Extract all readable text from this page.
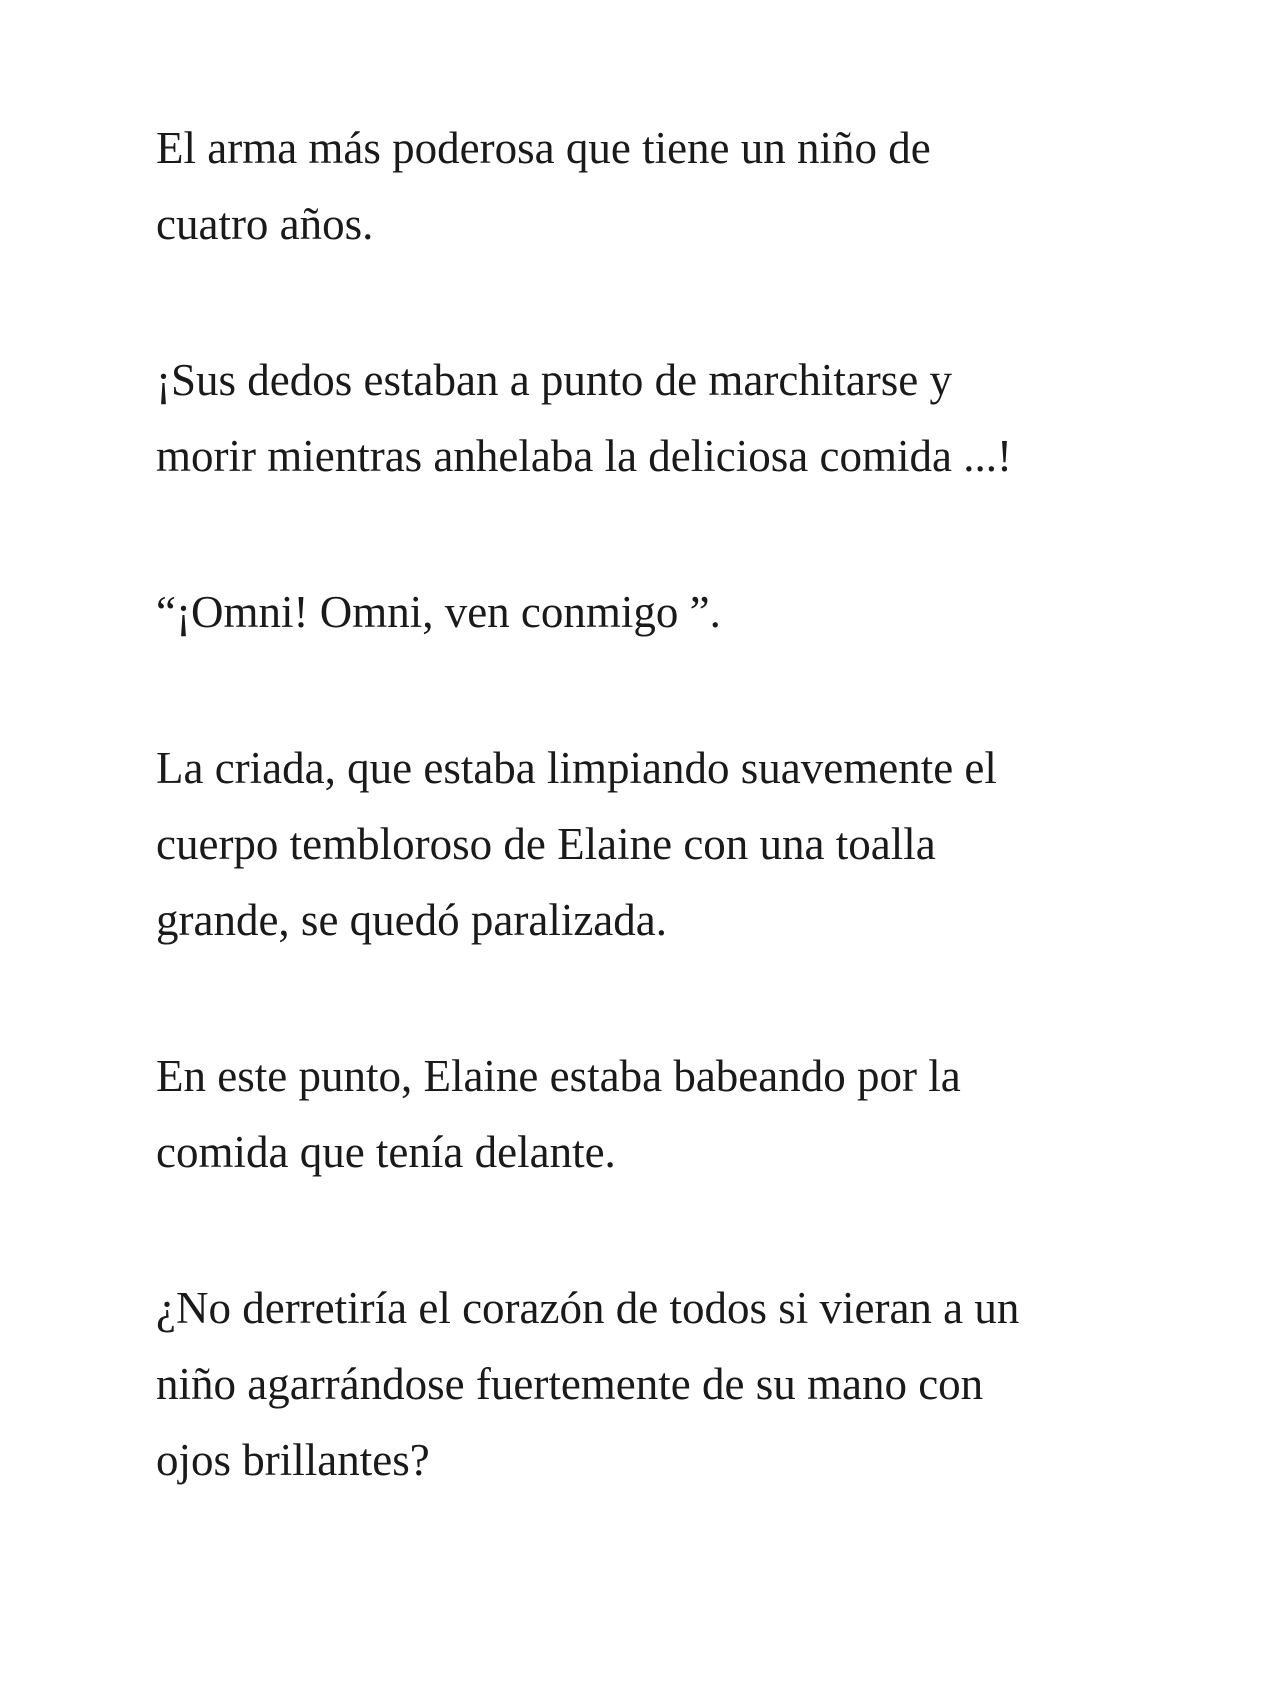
El arma más poderosa que tiene un niño de
cuatro años.

¡Sus dedos estaban a punto de marchitarse y
morir mientras anhelaba la deliciosa comida ...!

“¡Omni! Omni, ven conmigo ”.

La criada, que estaba limpiando suavemente el
cuerpo tembloroso de Elaine con una toalla
grande, se quedó paralizada.

En este punto, Elaine estaba babeando por la
comida que tenía delante.

¿No derretiría el corazón de todos si vieran a un
niño agarrándose fuertemente de su mano con
ojos brillantes?
